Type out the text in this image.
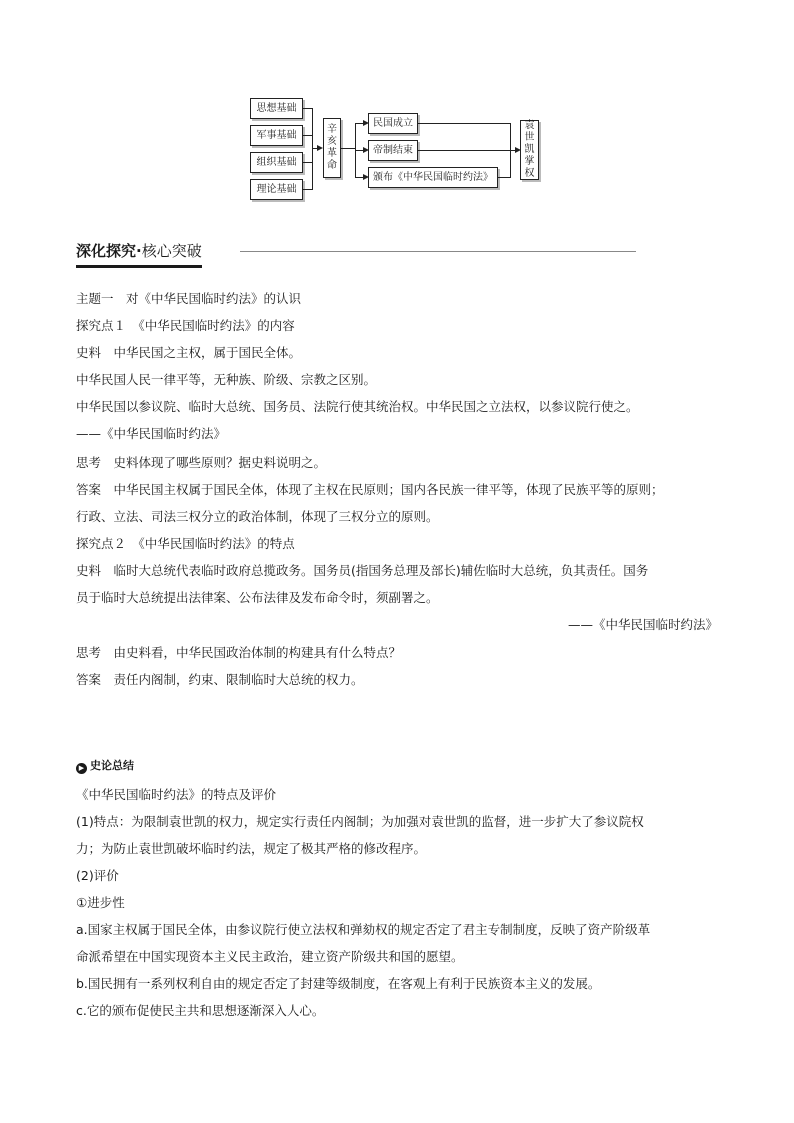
思想基础
军事基础
组织基础
理论基础
辛
亥
革
命
民国成立
帝制结束
颁布《中华民国临时约法》
袁
世
凯
掌
权
深化探究·核心突破
主题一　对《中华民国临时约法》的认识
探究点１　《中华民国临时约法》的内容
史料　中华民国之主权，属于国民全体。
中华民国人民一律平等，无种族、阶级、宗教之区别。
中华民国以参议院、临时大总统、国务员、法院行使其统治权。中华民国之立法权，以参议院行使之。
——《中华民国临时约法》
思考　史料体现了哪些原则？据史料说明之。
答案　中华民国主权属于国民全体，体现了主权在民原则；国内各民族一律平等，体现了民族平等的原则；
行政、立法、司法三权分立的政治体制，体现了三权分立的原则。
探究点２　《中华民国临时约法》的特点
史料　临时大总统代表临时政府总揽政务。国务员(指国务总理及部长)辅佐临时大总统，负其责任。国务
员于临时大总统提出法律案、公布法律及发布命令时，须副署之。
——《中华民国临时约法》
思考　由史料看，中华民国政治体制的构建具有什么特点？
答案　责任内阁制，约束、限制临时大总统的权力。
▶ 史论总结
《中华民国临时约法》的特点及评价
(1)特点：为限制袁世凯的权力，规定实行责任内阁制；为加强对袁世凯的监督，进一步扩大了参议院权
力；为防止袁世凯破坏临时约法，规定了极其严格的修改程序。
(2)评价
①进步性
a.国家主权属于国民全体，由参议院行使立法权和弹劾权的规定否定了君主专制制度，反映了资产阶级革
命派希望在中国实现资本主义民主政治，建立资产阶级共和国的愿望。
b.国民拥有一系列权利自由的规定否定了封建等级制度，在客观上有利于民族资本主义的发展。
c.它的颁布促使民主共和思想逐渐深入人心。
